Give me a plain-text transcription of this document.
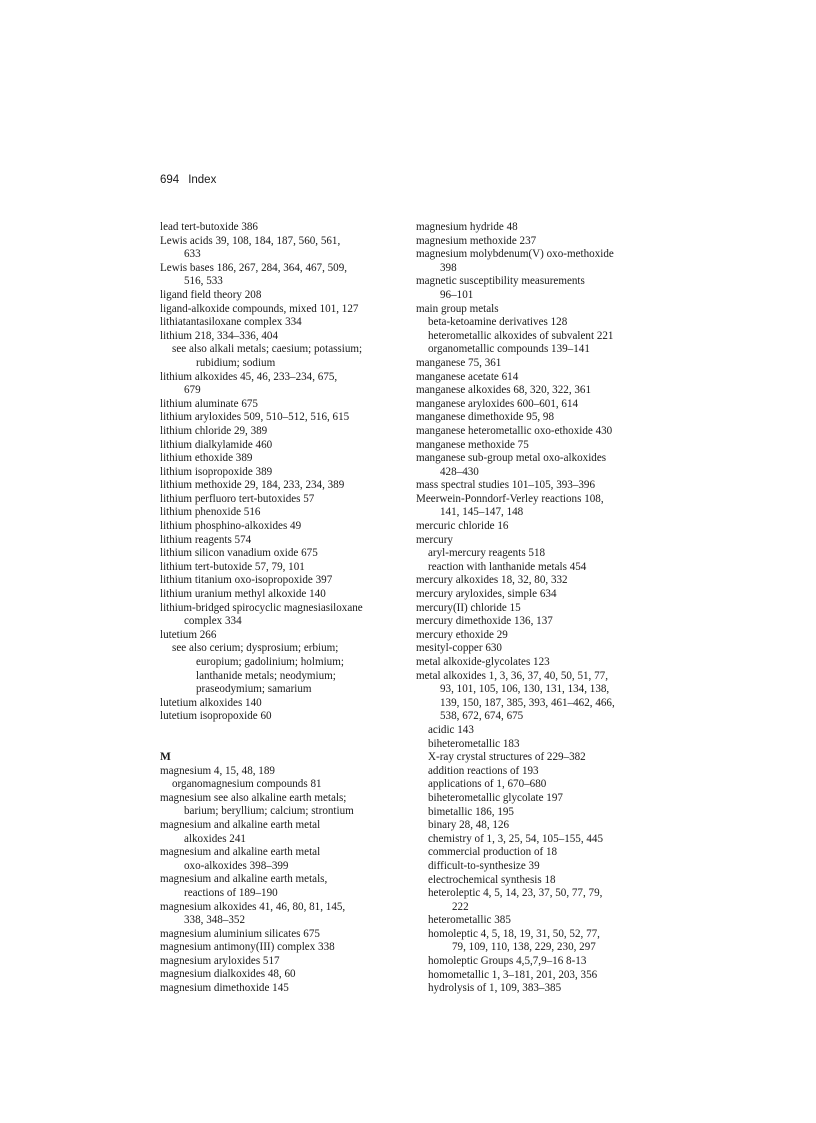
694 Index
lead tert-butoxide 386
Lewis acids 39, 108, 184, 187, 560, 561,
633
Lewis bases 186, 267, 284, 364, 467, 509,
516, 533
ligand field theory 208
ligand-alkoxide compounds, mixed 101, 127
lithiatantasiloxane complex 334
lithium 218, 334–336, 404
see also alkali metals; caesium; potassium;
rubidium; sodium
lithium alkoxides 45, 46, 233–234, 675,
679
lithium aluminate 675
lithium aryloxides 509, 510–512, 516, 615
lithium chloride 29, 389
lithium dialkylamide 460
lithium ethoxide 389
lithium isopropoxide 389
lithium methoxide 29, 184, 233, 234, 389
lithium perfluoro tert-butoxides 57
lithium phenoxide 516
lithium phosphino-alkoxides 49
lithium reagents 574
lithium silicon vanadium oxide 675
lithium tert-butoxide 57, 79, 101
lithium titanium oxo-isopropoxide 397
lithium uranium methyl alkoxide 140
lithium-bridged spirocyclic magnesiasiloxane
complex 334
lutetium 266
see also cerium; dysprosium; erbium;
europium; gadolinium; holmium;
lanthanide metals; neodymium;
praseodymium; samarium
lutetium alkoxides 140
lutetium isopropoxide 60
M
magnesium 4, 15, 48, 189
organomagnesium compounds 81
magnesium see also alkaline earth metals;
barium; beryllium; calcium; strontium
magnesium and alkaline earth metal
alkoxides 241
magnesium and alkaline earth metal
oxo-alkoxides 398–399
magnesium and alkaline earth metals,
reactions of 189–190
magnesium alkoxides 41, 46, 80, 81, 145,
338, 348–352
magnesium aluminium silicates 675
magnesium antimony(III) complex 338
magnesium aryloxides 517
magnesium dialkoxides 48, 60
magnesium dimethoxide 145
magnesium hydride 48
magnesium methoxide 237
magnesium molybdenum(V) oxo-methoxide
398
magnetic susceptibility measurements
96–101
main group metals
beta-ketoamine derivatives 128
heterometallic alkoxides of subvalent 221
organometallic compounds 139–141
manganese 75, 361
manganese acetate 614
manganese alkoxides 68, 320, 322, 361
manganese aryloxides 600–601, 614
manganese dimethoxide 95, 98
manganese heterometallic oxo-ethoxide 430
manganese methoxide 75
manganese sub-group metal oxo-alkoxides
428–430
mass spectral studies 101–105, 393–396
Meerwein-Ponndorf-Verley reactions 108,
141, 145–147, 148
mercuric chloride 16
mercury
aryl-mercury reagents 518
reaction with lanthanide metals 454
mercury alkoxides 18, 32, 80, 332
mercury aryloxides, simple 634
mercury(II) chloride 15
mercury dimethoxide 136, 137
mercury ethoxide 29
mesityl-copper 630
metal alkoxide-glycolates 123
metal alkoxides 1, 3, 36, 37, 40, 50, 51, 77,
93, 101, 105, 106, 130, 131, 134, 138,
139, 150, 187, 385, 393, 461–462, 466,
538, 672, 674, 675
acidic 143
biheterometallic 183
X-ray crystal structures of 229–382
addition reactions of 193
applications of 1, 670–680
biheterometallic glycolate 197
bimetallic 186, 195
binary 28, 48, 126
chemistry of 1, 3, 25, 54, 105–155, 445
commercial production of 18
difficult-to-synthesize 39
electrochemical synthesis 18
heteroleptic 4, 5, 14, 23, 37, 50, 77, 79,
222
heterometallic 385
homoleptic 4, 5, 18, 19, 31, 50, 52, 77,
79, 109, 110, 138, 229, 230, 297
homoleptic Groups 4,5,7,9–16 8-13
homometallic 1, 3–181, 201, 203, 356
hydrolysis of 1, 109, 383–385
